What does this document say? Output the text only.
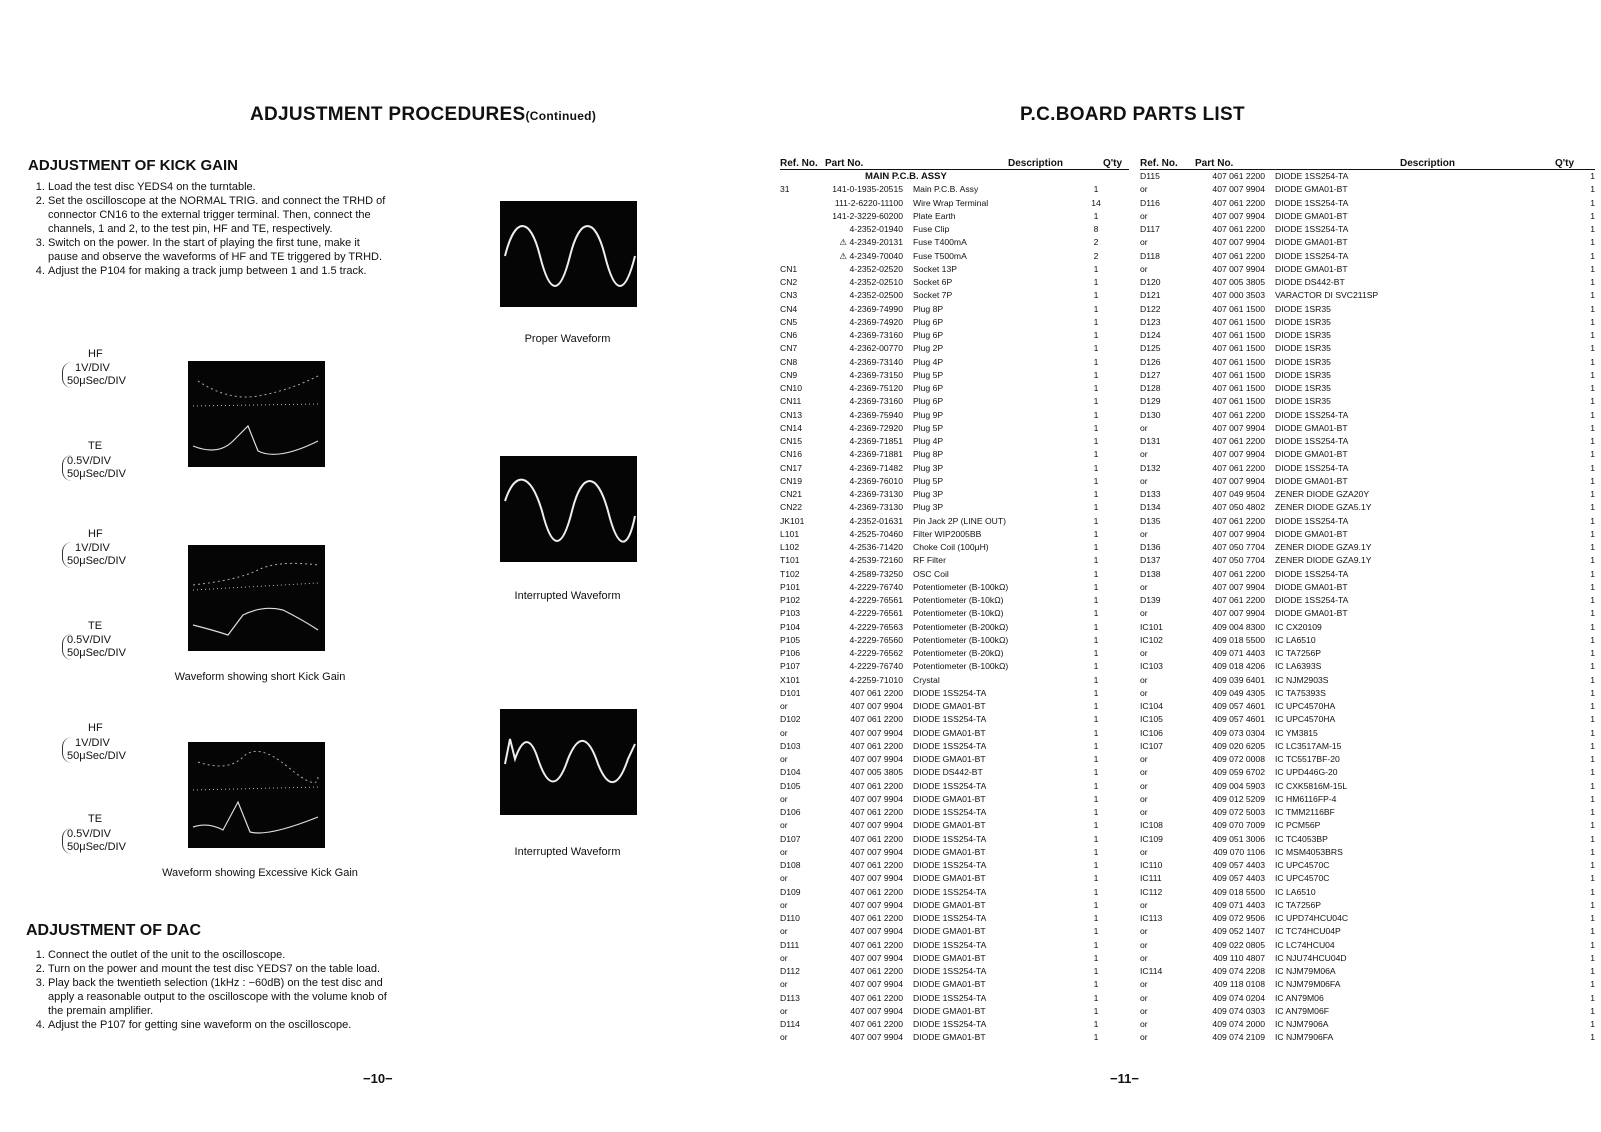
ADJUSTMENT PROCEDURES(Continued)
ADJUSTMENT OF KICK GAIN
1. Load the test disc YEDS4 on the turntable.
2. Set the oscilloscope at the NORMAL TRIG. and connect the TRHD of connector CN16 to the external trigger terminal. Then, connect the channels, 1 and 2, to the test pin, HF and TE, respectively.
3. Switch on the power. In the start of playing the first tune, make it pause and observe the waveforms of HF and TE triggered by TRHD.
4. Adjust the P104 for making a track jump between 1 and 1.5 track.
HF
1V/DIV
50μSec/DIV
TE
0.5V/DIV
50μSec/DIV
HF
1V/DIV
50μSec/DIV
TE
0.5V/DIV
50μSec/DIV
Waveform showing short Kick Gain
HF
1V/DIV
50μSec/DIV
TE
0.5V/DIV
50μSec/DIV
Waveform showing Excessive Kick Gain
Proper Waveform
Interrupted Waveform
Interrupted Waveform
ADJUSTMENT OF DAC
1. Connect the outlet of the unit to the oscilloscope.
2. Turn on the power and mount the test disc YEDS7 on the table load.
3. Play back the twentieth selection (1kHz : −60dB) on the test disc and apply a reasonable output to the oscilloscope with the volume knob of the premain amplifier.
4. Adjust the P107 for getting sine waveform on the oscilloscope.
−10−
P.C.BOARD PARTS LIST
Ref. No.	Part No.	Description	Q'ty
	MAIN P.C.B. ASSY		
31	141-0-1935-20515	Main P.C.B. Assy	1
	111-2-6220-11100	Wire Wrap Terminal	14
	141-2-3229-60200	Plate Earth	1
	4-2352-01940	Fuse Clip	8
	⚠ 4-2349-20131	Fuse T400mA	2
	⚠ 4-2349-70040	Fuse T500mA	2
CN1	4-2352-02520	Socket 13P	1
CN2	4-2352-02510	Socket 6P	1
CN3	4-2352-02500	Socket 7P	1
CN4	4-2369-74990	Plug 8P	1
CN5	4-2369-74920	Plug 6P	1
CN6	4-2369-73160	Plug 6P	1
CN7	4-2362-00770	Plug 2P	1
CN8	4-2369-73140	Plug 4P	1
CN9	4-2369-73150	Plug 5P	1
CN10	4-2369-75120	Plug 6P	1
CN11	4-2369-73160	Plug 6P	1
CN13	4-2369-75940	Plug 9P	1
CN14	4-2369-72920	Plug 5P	1
CN15	4-2369-71851	Plug 4P	1
CN16	4-2369-71881	Plug 8P	1
CN17	4-2369-71482	Plug 3P	1
CN19	4-2369-76010	Plug 5P	1
CN21	4-2369-73130	Plug 3P	1
CN22	4-2369-73130	Plug 3P	1
JK101	4-2352-01631	Pin Jack 2P (LINE OUT)	1
L101	4-2525-70460	Filter WIP2005BB	1
L102	4-2536-71420	Choke Coil (100μH)	1
T101	4-2539-72160	RF Filter	1
T102	4-2589-73250	OSC Coil	1
P101	4-2229-76740	Potentiometer (B-100kΩ)	1
P102	4-2229-76561	Potentiometer (B-10kΩ)	1
P103	4-2229-76561	Potentiometer (B-10kΩ)	1
P104	4-2229-76563	Potentiometer (B-200kΩ)	1
P105	4-2229-76560	Potentiometer (B-100kΩ)	1
P106	4-2229-76562	Potentiometer (B-20kΩ)	1
P107	4-2229-76740	Potentiometer (B-100kΩ)	1
X101	4-2259-71010	Crystal	1
D101	407 061 2200	DIODE 1SS254-TA	1
or	407 007 9904	DIODE GMA01-BT	1
D102	407 061 2200	DIODE 1SS254-TA	1
or	407 007 9904	DIODE GMA01-BT	1
D103	407 061 2200	DIODE 1SS254-TA	1
or	407 007 9904	DIODE GMA01-BT	1
D104	407 005 3805	DIODE DS442-BT	1
D105	407 061 2200	DIODE 1SS254-TA	1
or	407 007 9904	DIODE GMA01-BT	1
D106	407 061 2200	DIODE 1SS254-TA	1
or	407 007 9904	DIODE GMA01-BT	1
D107	407 061 2200	DIODE 1SS254-TA	1
or	407 007 9904	DIODE GMA01-BT	1
D108	407 061 2200	DIODE 1SS254-TA	1
or	407 007 9904	DIODE GMA01-BT	1
D109	407 061 2200	DIODE 1SS254-TA	1
or	407 007 9904	DIODE GMA01-BT	1
D110	407 061 2200	DIODE 1SS254-TA	1
or	407 007 9904	DIODE GMA01-BT	1
D111	407 061 2200	DIODE 1SS254-TA	1
or	407 007 9904	DIODE GMA01-BT	1
D112	407 061 2200	DIODE 1SS254-TA	1
or	407 007 9904	DIODE GMA01-BT	1
D113	407 061 2200	DIODE 1SS254-TA	1
or	407 007 9904	DIODE GMA01-BT	1
D114	407 061 2200	DIODE 1SS254-TA	1
or	407 007 9904	DIODE GMA01-BT	1
Ref. No.	Part No.	Description	Q'ty
D115	407 061 2200	DIODE 1SS254-TA	1
or	407 007 9904	DIODE GMA01-BT	1
D116	407 061 2200	DIODE 1SS254-TA	1
or	407 007 9904	DIODE GMA01-BT	1
D117	407 061 2200	DIODE 1SS254-TA	1
or	407 007 9904	DIODE GMA01-BT	1
D118	407 061 2200	DIODE 1SS254-TA	1
or	407 007 9904	DIODE GMA01-BT	1
D120	407 005 3805	DIODE DS442-BT	1
D121	407 000 3503	VARACTOR DI SVC211SP	1
D122	407 061 1500	DIODE 1SR35	1
D123	407 061 1500	DIODE 1SR35	1
D124	407 061 1500	DIODE 1SR35	1
D125	407 061 1500	DIODE 1SR35	1
D126	407 061 1500	DIODE 1SR35	1
D127	407 061 1500	DIODE 1SR35	1
D128	407 061 1500	DIODE 1SR35	1
D129	407 061 1500	DIODE 1SR35	1
D130	407 061 2200	DIODE 1SS254-TA	1
or	407 007 9904	DIODE GMA01-BT	1
D131	407 061 2200	DIODE 1SS254-TA	1
or	407 007 9904	DIODE GMA01-BT	1
D132	407 061 2200	DIODE 1SS254-TA	1
or	407 007 9904	DIODE GMA01-BT	1
D133	407 049 9504	ZENER DIODE GZA20Y	1
D134	407 050 4802	ZENER DIODE GZA5.1Y	1
D135	407 061 2200	DIODE 1SS254-TA	1
or	407 007 9904	DIODE GMA01-BT	1
D136	407 050 7704	ZENER DIODE GZA9.1Y	1
D137	407 050 7704	ZENER DIODE GZA9.1Y	1
D138	407 061 2200	DIODE 1SS254-TA	1
or	407 007 9904	DIODE GMA01-BT	1
D139	407 061 2200	DIODE 1SS254-TA	1
or	407 007 9904	DIODE GMA01-BT	1
IC101	409 004 8300	IC CX20109	1
IC102	409 018 5500	IC LA6510	1
or	409 071 4403	IC TA7256P	1
IC103	409 018 4206	IC LA6393S	1
or	409 039 6401	IC NJM2903S	1
or	409 049 4305	IC TA75393S	1
IC104	409 057 4601	IC UPC4570HA	1
IC105	409 057 4601	IC UPC4570HA	1
IC106	409 073 0304	IC YM3815	1
IC107	409 020 6205	IC LC3517AM-15	1
or	409 072 0008	IC TC5517BF-20	1
or	409 059 6702	IC UPD446G-20	1
or	409 004 5903	IC CXK5816M-15L	1
or	409 012 5209	IC HM6116FP-4	1
or	409 072 5003	IC TMM2116BF	1
IC108	409 070 7009	IC PCM56P	1
IC109	409 051 3006	IC TC4053BP	1
or	409 070 1106	IC MSM4053BRS	1
IC110	409 057 4403	IC UPC4570C	1
IC111	409 057 4403	IC UPC4570C	1
IC112	409 018 5500	IC LA6510	1
or	409 071 4403	IC TA7256P	1
IC113	409 072 9506	IC UPD74HCU04C	1
or	409 052 1407	IC TC74HCU04P	1
or	409 022 0805	IC LC74HCU04	1
or	409 110 4807	IC NJU74HCU04D	1
IC114	409 074 2208	IC NJM79M06A	1
or	409 118 0108	IC NJM79M06FA	1
or	409 074 0204	IC AN79M06	1
or	409 074 0303	IC AN79M06F	1
or	409 074 2000	IC NJM7906A	1
or	409 074 2109	IC NJM7906FA	1
−11−
